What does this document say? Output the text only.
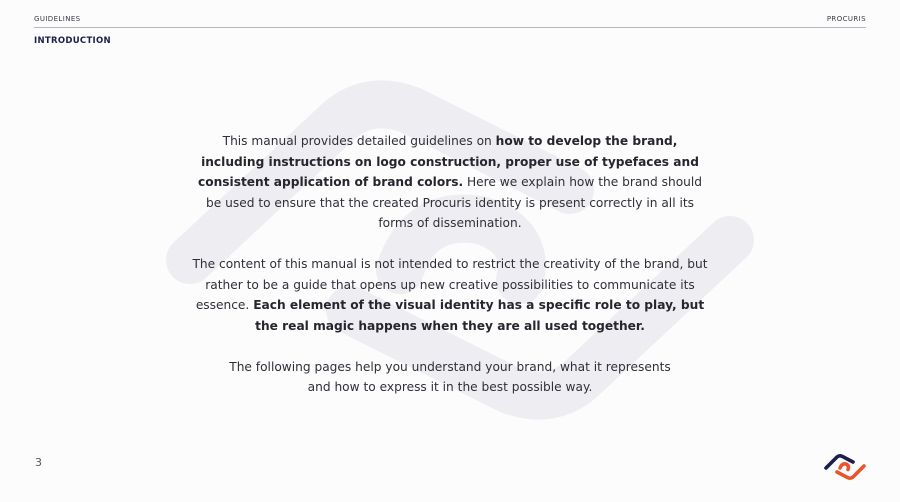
GUIDELINES	PROCURIS
INTRODUCTION

This manual provides detailed guidelines on how to develop the brand, including instructions on logo construction, proper use of typefaces and consistent application of brand colors. Here we explain how the brand should be used to ensure that the created Procuris identity is present correctly in all its forms of dissemination.

The content of this manual is not intended to restrict the creativity of the brand, but rather to be a guide that opens up new creative possibilities to communicate its essence. Each element of the visual identity has a specific role to play, but the real magic happens when they are all used together.

The following pages help you understand your brand, what it represents
and how to express it in the best possible way.

3
